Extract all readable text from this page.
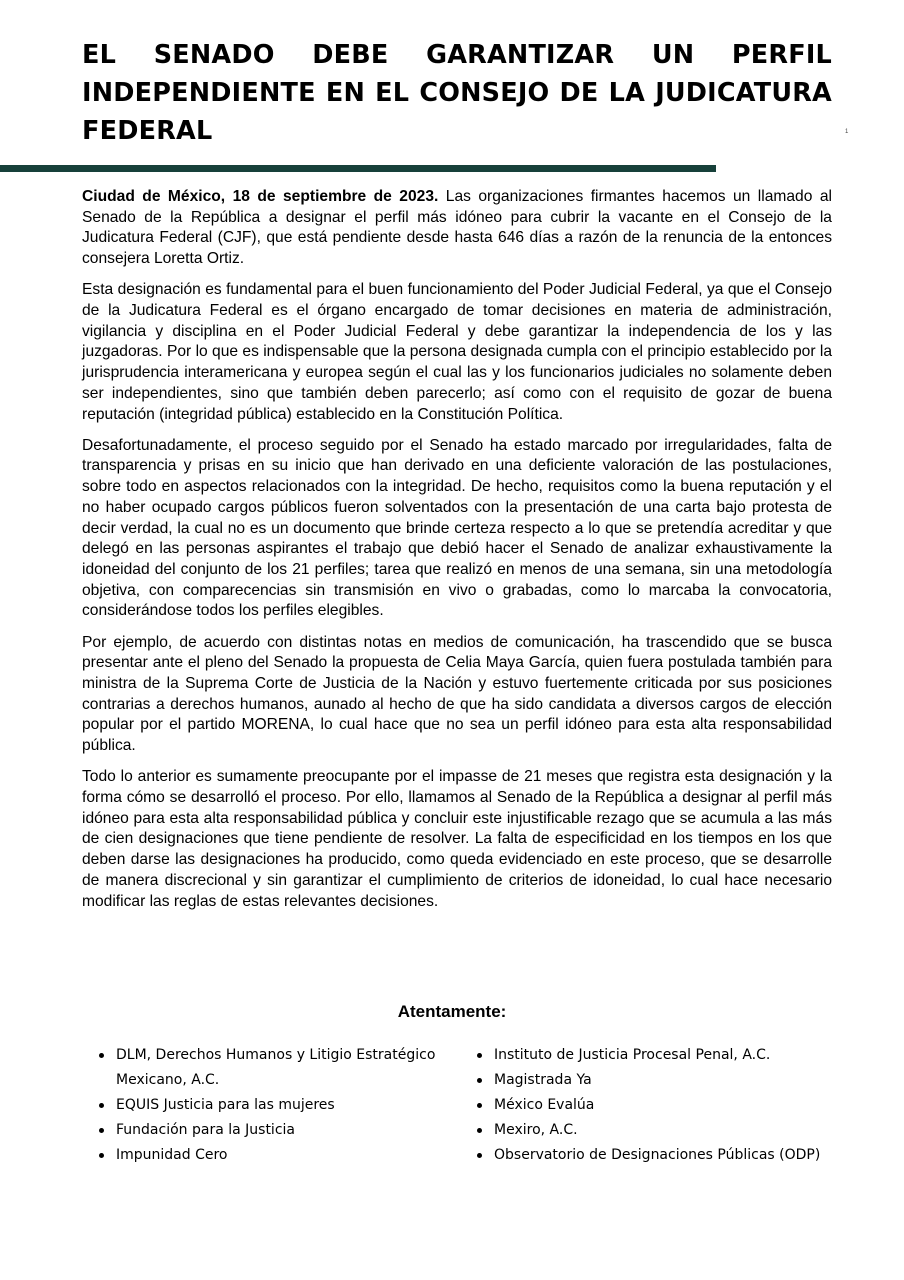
EL SENADO DEBE GARANTIZAR UN PERFIL INDEPENDIENTE EN EL CONSEJO DE LA JUDICATURA FEDERAL	1

Ciudad de México, 18 de septiembre de 2023. Las organizaciones firmantes hacemos un llamado al Senado de la República a designar el perfil más idóneo para cubrir la vacante en el Consejo de la Judicatura Federal (CJF), que está pendiente desde hasta 646 días a razón de la renuncia de la entonces consejera Loretta Ortiz.

Esta designación es fundamental para el buen funcionamiento del Poder Judicial Federal, ya que el Consejo de la Judicatura Federal es el órgano encargado de tomar decisiones en materia de administración, vigilancia y disciplina en el Poder Judicial Federal y debe garantizar la independencia de los y las juzgadoras. Por lo que es indispensable que la persona designada cumpla con el principio establecido por la jurisprudencia interamericana y europea según el cual las y los funcionarios judiciales no solamente deben ser independientes, sino que también deben parecerlo; así como con el requisito de gozar de buena reputación (integridad pública) establecido en la Constitución Política.

Desafortunadamente, el proceso seguido por el Senado ha estado marcado por irregularidades, falta de transparencia y prisas en su inicio que han derivado en una deficiente valoración de las postulaciones, sobre todo en aspectos relacionados con la integridad. De hecho, requisitos como la buena reputación y el no haber ocupado cargos públicos fueron solventados con la presentación de una carta bajo protesta de decir verdad, la cual no es un documento que brinde certeza respecto a lo que se pretendía acreditar y que delegó en las personas aspirantes el trabajo que debió hacer el Senado de analizar exhaustivamente la idoneidad del conjunto de los 21 perfiles; tarea que realizó en menos de una semana, sin una metodología objetiva, con comparecencias sin transmisión en vivo o grabadas, como lo marcaba la convocatoria, considerándose todos los perfiles elegibles.

Por ejemplo, de acuerdo con distintas notas en medios de comunicación, ha trascendido que se busca presentar ante el pleno del Senado la propuesta de Celia Maya García, quien fuera postulada también para ministra de la Suprema Corte de Justicia de la Nación y estuvo fuertemente criticada por sus posiciones contrarias a derechos humanos, aunado al hecho de que ha sido candidata a diversos cargos de elección popular por el partido MORENA, lo cual hace que no sea un perfil idóneo para esta alta responsabilidad pública.

Todo lo anterior es sumamente preocupante por el impasse de 21 meses que registra esta designación y la forma cómo se desarrolló el proceso. Por ello, llamamos al Senado de la República a designar al perfil más idóneo para esta alta responsabilidad pública y concluir este injustificable rezago que se acumula a las más de cien designaciones que tiene pendiente de resolver. La falta de especificidad en los tiempos en los que deben darse las designaciones ha producido, como queda evidenciado en este proceso, que se desarrolle de manera discrecional y sin garantizar el cumplimiento de criterios de idoneidad, lo cual hace necesario modificar las reglas de estas relevantes decisiones.

Atentamente:
DLM, Derechos Humanos y Litigio Estratégico Mexicano, A.C.
EQUIS Justicia para las mujeres
Fundación para la Justicia
Impunidad Cero
Instituto de Justicia Procesal Penal, A.C.
Magistrada Ya
México Evalúa
Mexiro, A.C.
Observatorio de Designaciones Públicas (ODP)
